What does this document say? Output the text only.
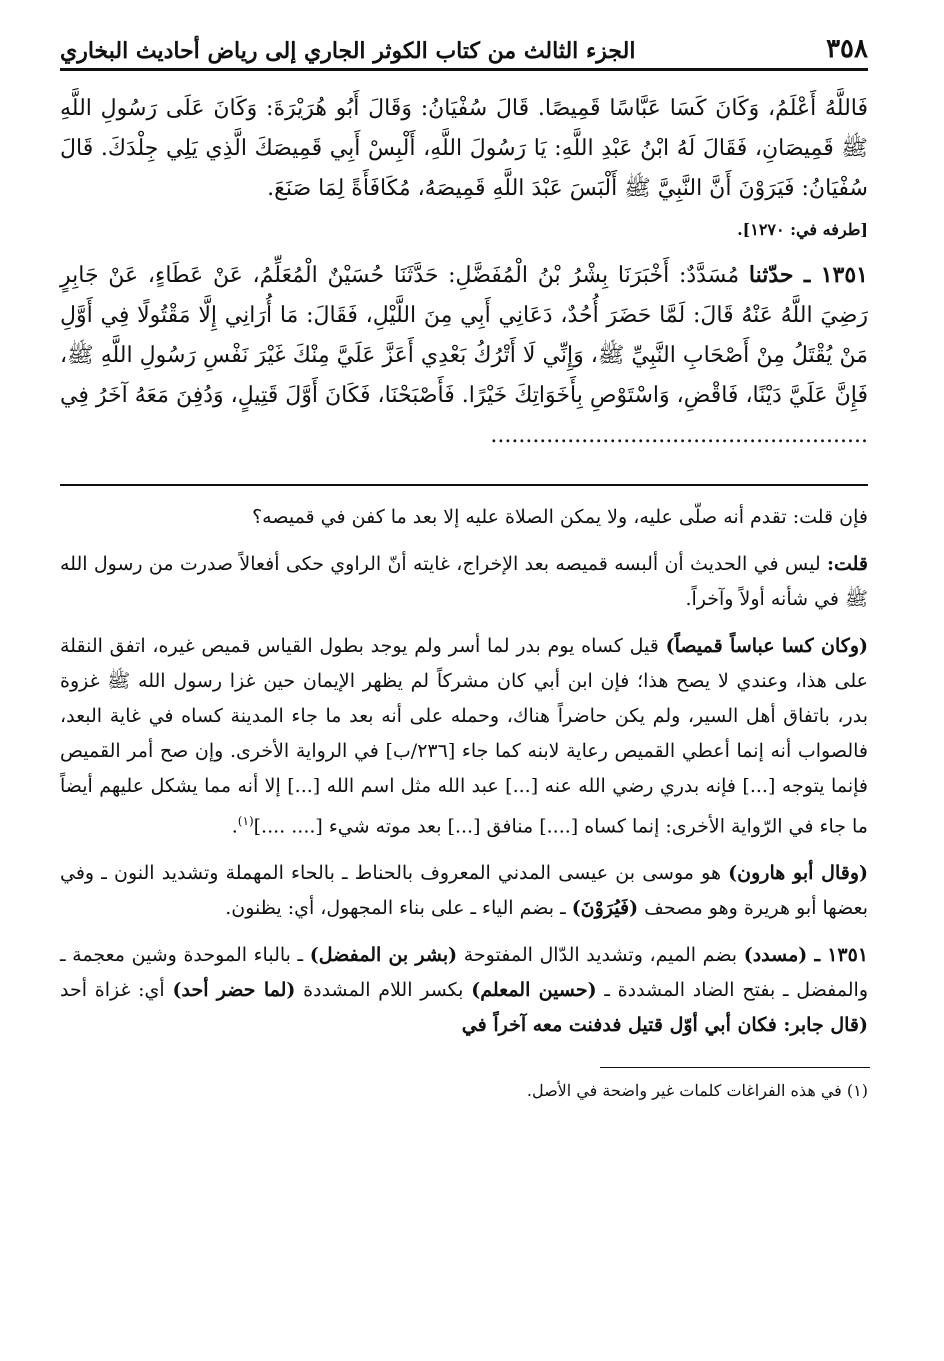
٣٥٨
الجزء الثالث من كتاب الكوثر الجاري إلى رياض أحاديث البخاري

فَاللَّهُ أَعْلَمُ، وَكَانَ كَسَا عَبَّاسًا قَمِيصًا. قَالَ سُفْيَانُ: وَقَالَ أَبُو هُرَيْرَةَ: وَكَانَ عَلَى رَسُولِ اللَّهِ ﷺ قَمِيصَانِ، فَقَالَ لَهُ ابْنُ عَبْدِ اللَّهِ: يَا رَسُولَ اللَّهِ، أَلْبِسْ أَبِي قَمِيصَكَ الَّذِي يَلِي جِلْدَكَ. قَالَ سُفْيَانُ: فَيَرَوْنَ أَنَّ النَّبِيَّ ﷺ أَلْبَسَ عَبْدَ اللَّهِ قَمِيصَهُ، مُكَافَأَةً لِمَا صَنَعَ.

[طرفه في: ١٢٧٠].

١٣٥١ ـ حدّثنا مُسَدَّدٌ: أَخْبَرَنَا بِشْرُ بْنُ الْمُفَضَّلِ: حَدَّثَنَا حُسَيْنٌ الْمُعَلِّمُ، عَنْ عَطَاءٍ، عَنْ جَابِرٍ رَضِيَ اللَّهُ عَنْهُ قَالَ: لَمَّا حَضَرَ أُحُدٌ، دَعَانِي أَبِي مِنَ اللَّيْلِ، فَقَالَ: مَا أُرَانِي إِلَّا مَقْتُولًا فِي أَوَّلِ مَنْ يُقْتَلُ مِنْ أَصْحَابِ النَّبِيِّ ﷺ، وَإِنِّي لَا أَتْرُكُ بَعْدِي أَعَزَّ عَلَيَّ مِنْكَ غَيْرَ نَفْسِ رَسُولِ اللَّهِ ﷺ، فَإِنَّ عَلَيَّ دَيْنًا، فَاقْضِ، وَاسْتَوْصِ بِأَخَوَاتِكَ خَيْرًا. فَأَصْبَحْنَا، فَكَانَ أَوَّلَ قَتِيلٍ، وَدُفِنَ مَعَهُ آخَرُ فِي ......................................................

فإن قلت: تقدم أنه صلّى عليه، ولا يمكن الصلاة عليه إلا بعد ما كفن في قميصه؟

قلت: ليس في الحديث أن ألبسه قميصه بعد الإخراج، غايته أنّ الراوي حكى أفعالاً صدرت من رسول الله ﷺ في شأنه أولاً وآخراً.

(وكان كسا عباساً قميصاً) قيل كساه يوم بدر لما أسر ولم يوجد بطول القياس قميص غيره، اتفق النقلة على هذا، وعندي لا يصح هذا؛ فإن ابن أبي كان مشركاً لم يظهر الإيمان حين غزا رسول الله ﷺ غزوة بدر، باتفاق أهل السير، ولم يكن حاضراً هناك، وحمله على أنه بعد ما جاء المدينة كساه في غاية البعد، فالصواب أنه إنما أعطي القميص رعاية لابنه كما جاء [٢٣٦/ب] في الرواية الأخرى. وإن صح أمر القميص فإنما يتوجه [...] فإنه بدري رضي الله عنه [...] عبد الله مثل اسم الله [...] إلا أنه مما يشكل عليهم أيضاً ما جاء في الرّواية الأخرى: إنما كساه [....] منافق [...] بعد موته شيء [.... ....]$^{(١)}$.

(وقال أبو هارون) هو موسى بن عيسى المدني المعروف بالحناط ـ بالحاء المهملة وتشديد النون ـ وفي بعضها أبو هريرة وهو مصحف (فَيُرَوْنَ) ـ بضم الياء ـ على بناء المجهول، أي: يظنون.

١٣٥١ ـ (مسدد) بضم الميم، وتشديد الدّال المفتوحة (بشر بن المفضل) ـ بالباء الموحدة وشين معجمة ـ والمفضل ـ بفتح الضاد المشددة ـ (حسين المعلم) بكسر اللام المشددة (لما حضر أحد) أي: غزاة أحد (قال جابر: فكان أبي أوّل قتيل فدفنت معه آخراً في

(١) في هذه الفراغات كلمات غير واضحة في الأصل.
